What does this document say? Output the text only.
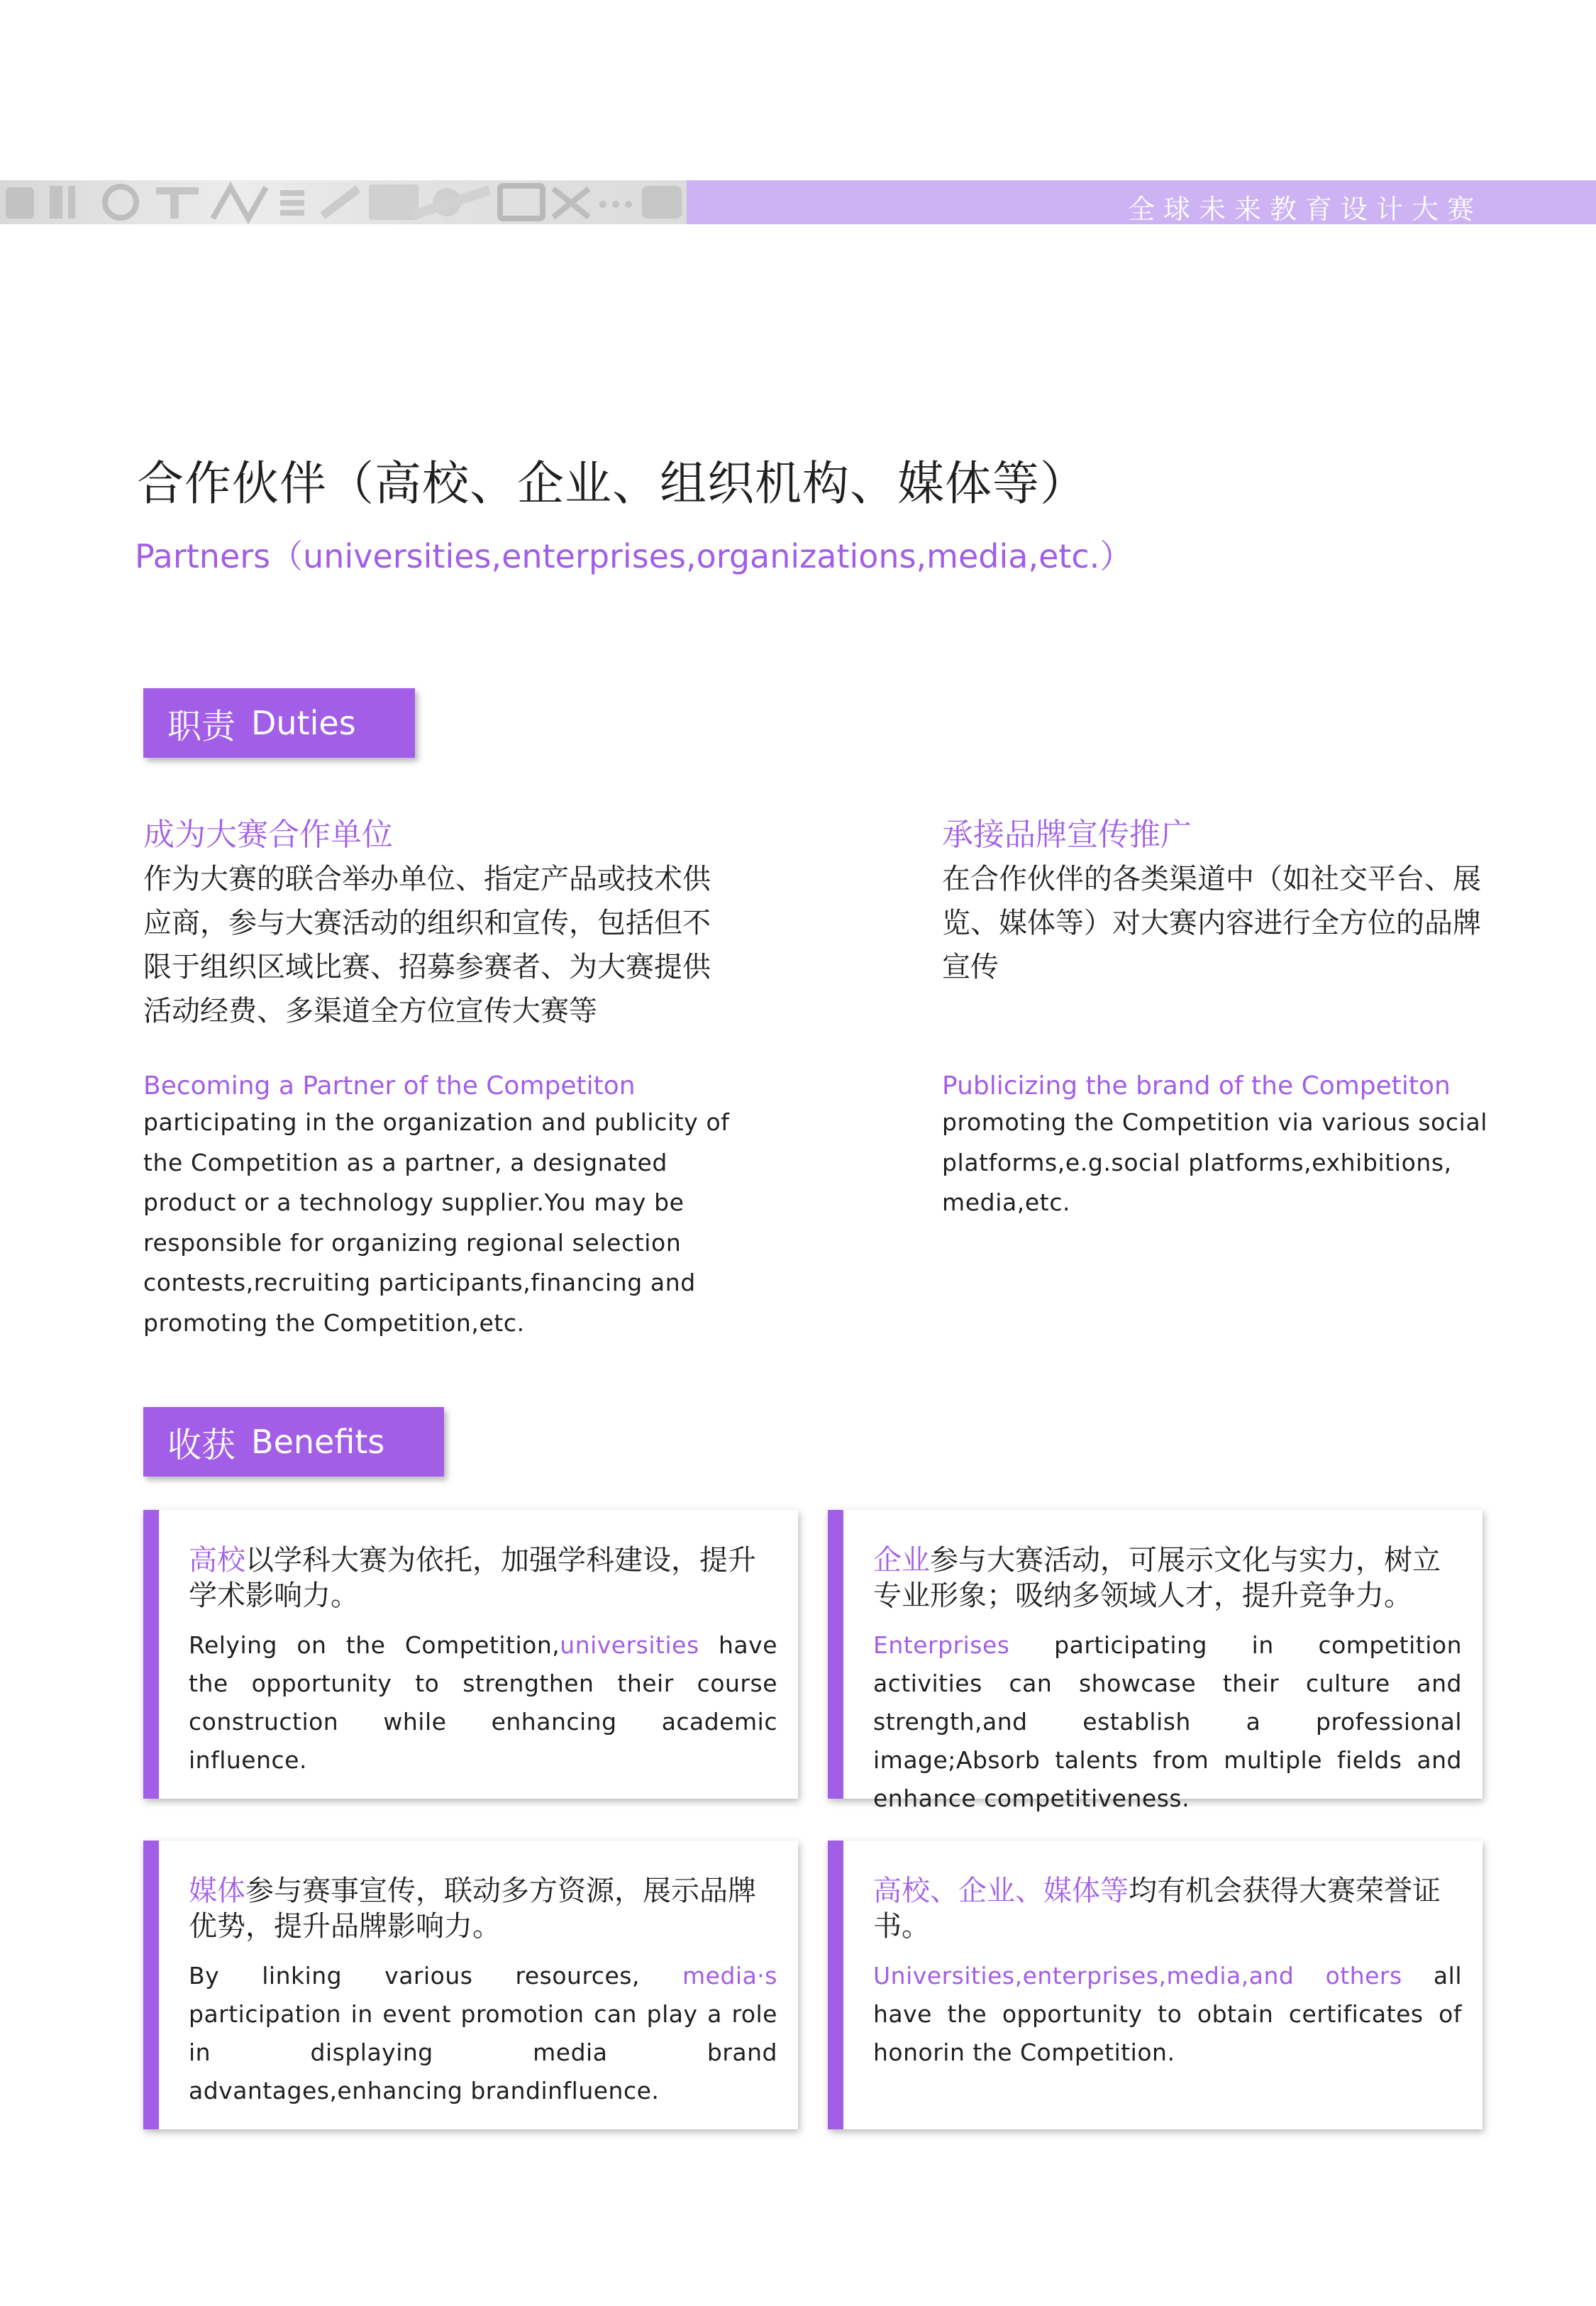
全球未来教育设计大赛
合作伙伴（高校、企业、组织机构、媒体等）
Partners（universities,enterprises,organizations,media,etc.）
职责 Duties
成为大赛合作单位
作为大赛的联合举办单位、指定产品或技术供应商，参与大赛活动的组织和宣传，包括但不限于组织区域比赛、招募参赛者、为大赛提供活动经费、多渠道全方位宣传大赛等
Becoming a Partner of the Competiton
participating in the organization and publicity of the Competition as a partner, a designated product or a technology supplier.You may be responsible for organizing regional selection contests,recruiting participants,financing and promoting the Competition,etc.
承接品牌宣传推广
在合作伙伴的各类渠道中（如社交平台、展览、媒体等）对大赛内容进行全方位的品牌宣传
Publicizing the brand of the Competiton
promoting the Competition via various social platforms,e.g.social platforms,exhibitions, media,etc.
收获 Benefits
高校以学科大赛为依托，加强学科建设，提升学术影响力。
Relying on the Competition,universities have the opportunity to strengthen their course construction while enhancing academic influence.
企业参与大赛活动，可展示文化与实力，树立专业形象；吸纳多领域人才，提升竞争力。
Enterprises participating in competition activities can showcase their culture and strength,and establish a professional image;Absorb talents from multiple fields and enhance competitiveness.
媒体参与赛事宣传，联动多方资源，展示品牌优势，提升品牌影响力。
By linking various resources, media·s participation in event promotion can play a role in displaying media brand advantages,enhancing brandinfluence.
高校、企业、媒体等均有机会获得大赛荣誉证书。
Universities,enterprises,media,and others all have the opportunity to obtain certificates of honorin the Competition.
